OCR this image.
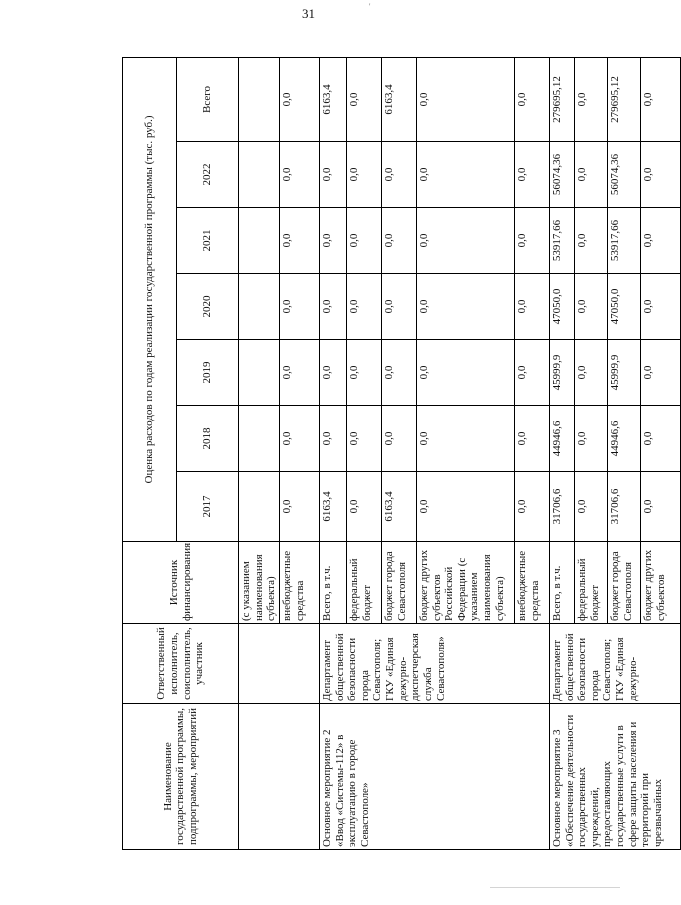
31	'
Наименование государственной программы, подпрограммы, мероприятий	Ответственный исполнитель, соисполнитель, участник	Источник финансирования	Оценка расходов по годам реализации государственной программы (тыс. руб.)						
			2017	2018	2019	2020	2021	2022	Всего
		(с указанием наименования субъекта)							
		внебюджетные средства	0,0	0,0	0,0	0,0	0,0	0,0	0,0
Основное мероприятие 2 «Ввод «Системы-112» в эксплуатацию в городе Севастополе»	Департамент общественной безопасности города Севастополя; ГКУ «Единая дежурно-диспетчерская служба Севастополя»	Всего, в т.ч.	6163,4	0,0	0,0	0,0	0,0	0,0	6163,4
		федеральный бюджет	0,0	0,0	0,0	0,0	0,0	0,0	0,0
		бюджет города Севастополя	6163,4	0,0	0,0	0,0	0,0	0,0	6163,4
		бюджет других субъектов Российской Федерации (с указанием наименования субъекта)	0,0	0,0	0,0	0,0	0,0	0,0	0,0
		внебюджетные средства	0,0	0,0	0,0	0,0	0,0	0,0	0,0
Основное мероприятие 3 «Обеспечение деятельности государственных учреждений, предоставляющих государственные услуги в сфере защиты населения и территорий при чрезвычайных	Департамент общественной безопасности города Севастополя; ГКУ «Единая дежурно-	Всего, в т.ч.	31706,6	44946,6	45999,9	47050,0	53917,66	56074,36	279695,12
		федеральный бюджет	0,0	0,0	0,0	0,0	0,0	0,0	0,0
		бюджет города Севастополя	31706,6	44946,6	45999,9	47050,0	53917,66	56074,36	279695,12
		бюджет других субъектов	0,0	0,0	0,0	0,0	0,0	0,0	0,0
